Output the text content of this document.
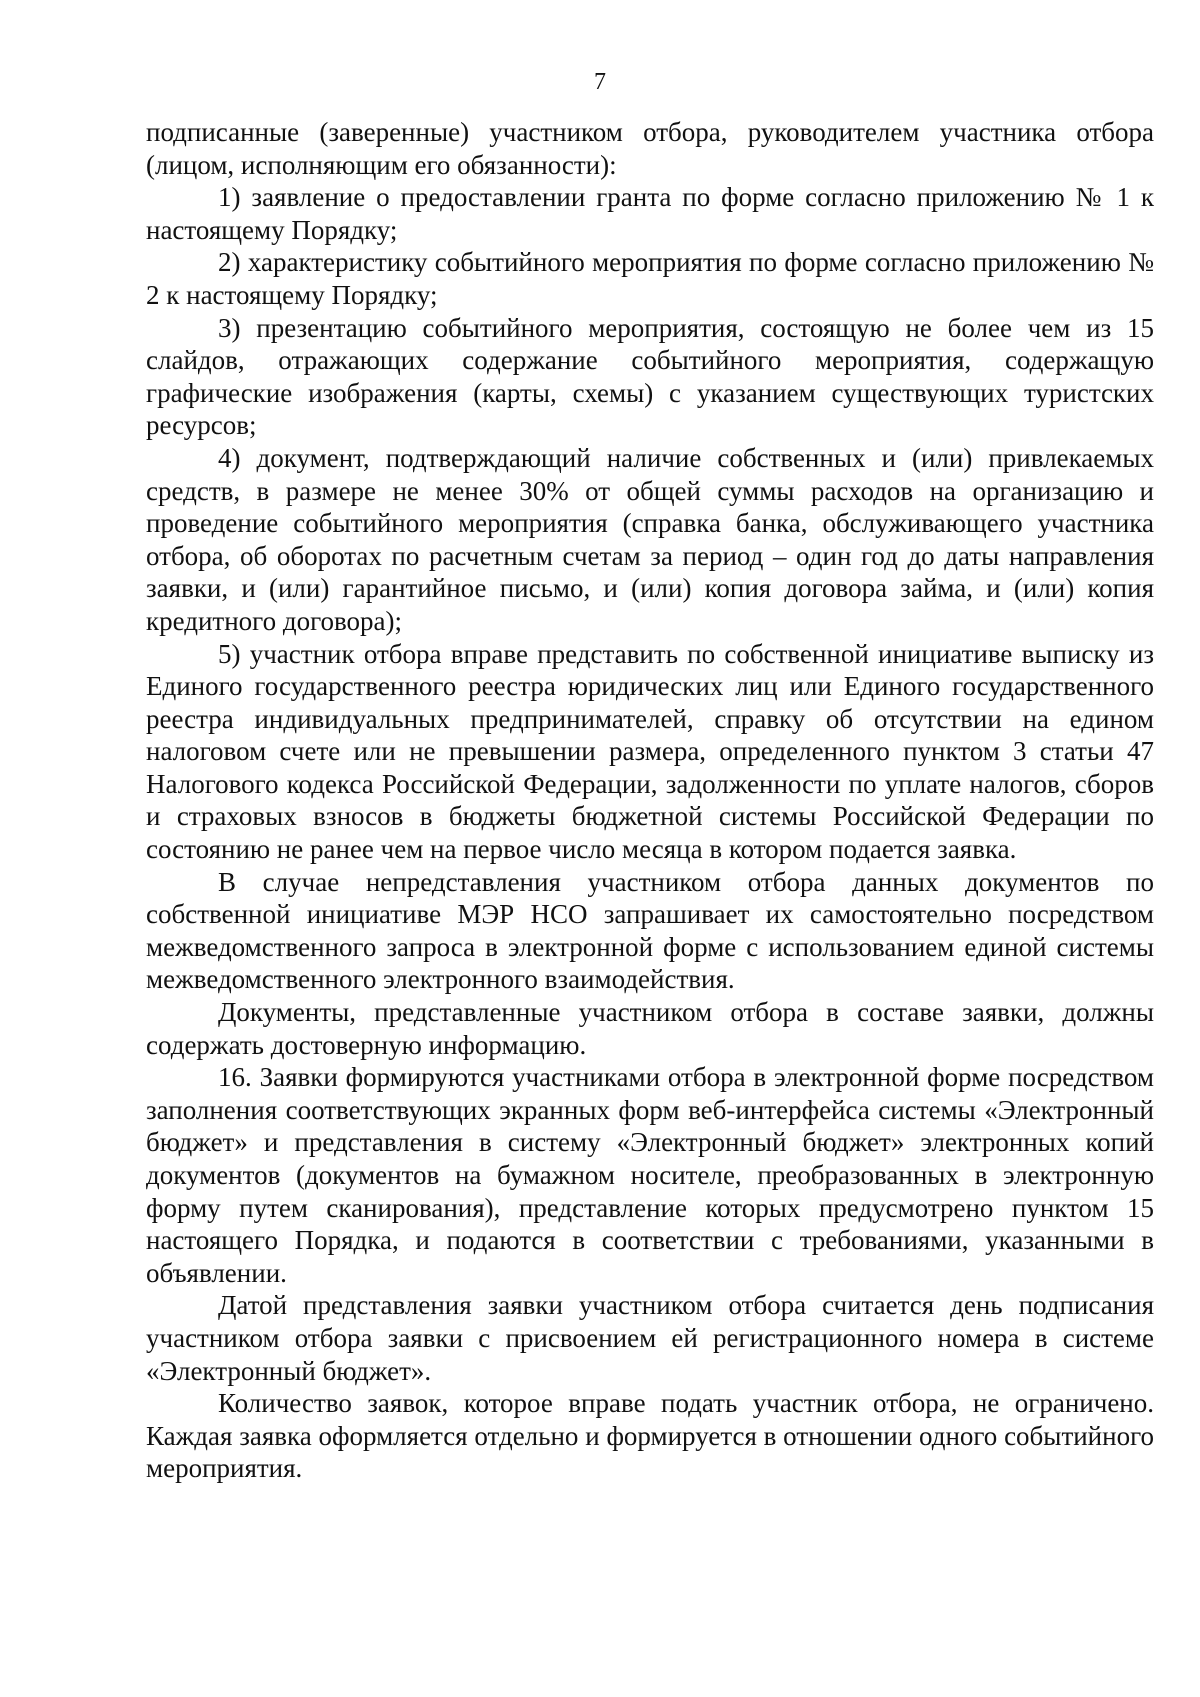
7

подписанные (заверенные) участником отбора, руководителем участника отбора (лицом, исполняющим его обязанности):

1) заявление о предоставлении гранта по форме согласно приложению № 1 к настоящему Порядку;

2) характеристику событийного мероприятия по форме согласно приложению № 2 к настоящему Порядку;

3) презентацию событийного мероприятия, состоящую не более чем из 15 слайдов, отражающих содержание событийного мероприятия, содержащую графические изображения (карты, схемы) с указанием существующих туристских ресурсов;

4) документ, подтверждающий наличие собственных и (или) привлекаемых средств, в размере не менее 30% от общей суммы расходов на организацию и проведение событийного мероприятия (справка банка, обслуживающего участника отбора, об оборотах по расчетным счетам за период – один год до даты направления заявки, и (или) гарантийное письмо, и (или) копия договора займа, и (или) копия кредитного договора);

5) участник отбора вправе представить по собственной инициативе выписку из Единого государственного реестра юридических лиц или Единого государственного реестра индивидуальных предпринимателей, справку об отсутствии на едином налоговом счете или не превышении размера, определенного пунктом 3 статьи 47 Налогового кодекса Российской Федерации, задолженности по уплате налогов, сборов и страховых взносов в бюджеты бюджетной системы Российской Федерации по состоянию не ранее чем на первое число месяца в котором подается заявка.

В случае непредставления участником отбора данных документов по собственной инициативе МЭР НСО запрашивает их самостоятельно посредством межведомственного запроса в электронной форме с использованием единой системы межведомственного электронного взаимодействия.

Документы, представленные участником отбора в составе заявки, должны содержать достоверную информацию.

16. Заявки формируются участниками отбора в электронной форме посредством заполнения соответствующих экранных форм веб-интерфейса системы «Электронный бюджет» и представления в систему «Электронный бюджет» электронных копий документов (документов на бумажном носителе, преобразованных в электронную форму путем сканирования), представление которых предусмотрено пунктом 15 настоящего Порядка, и подаются в соответствии с требованиями, указанными в объявлении.

Датой представления заявки участником отбора считается день подписания участником отбора заявки с присвоением ей регистрационного номера в системе «Электронный бюджет».

Количество заявок, которое вправе подать участник отбора, не ограничено. Каждая заявка оформляется отдельно и формируется в отношении одного событийного мероприятия.
